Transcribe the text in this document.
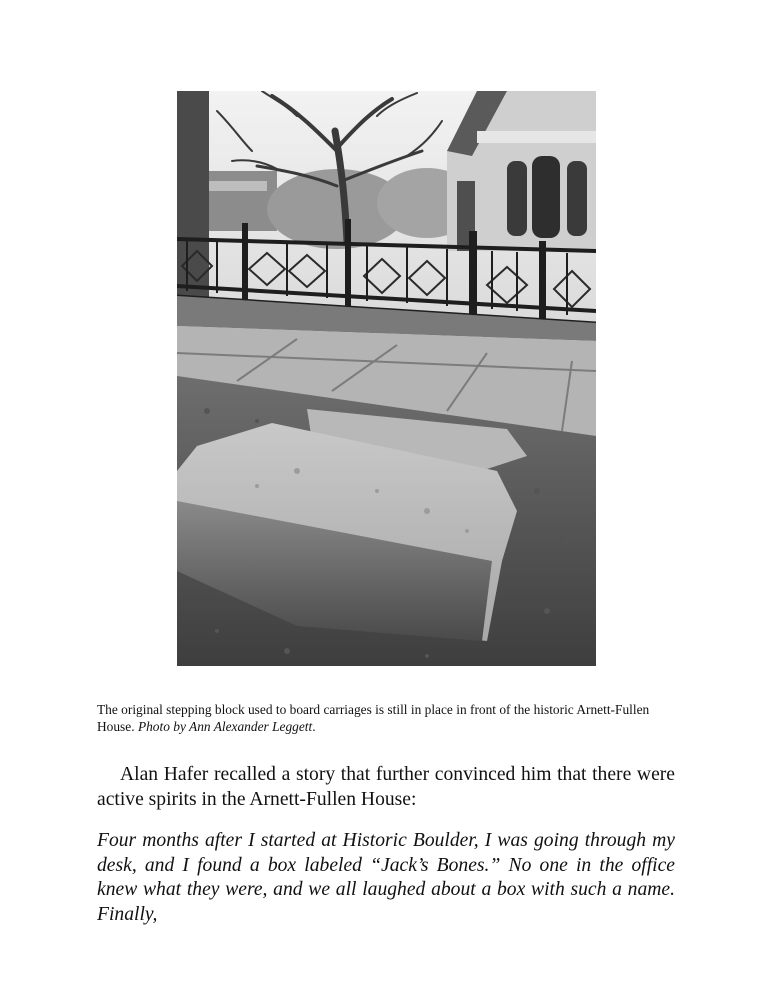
The original stepping block used to board carriages is still in place in front of the historic Arnett-Fullen House. Photo by Ann Alexander Leggett.
Alan Hafer recalled a story that further convinced him that there were active spirits in the Arnett-Fullen House:
Four months after I started at Historic Boulder, I was going through my desk, and I found a box labeled “Jack’s Bones.” No one in the office knew what they were, and we all laughed about a box with such a name. Finally,
